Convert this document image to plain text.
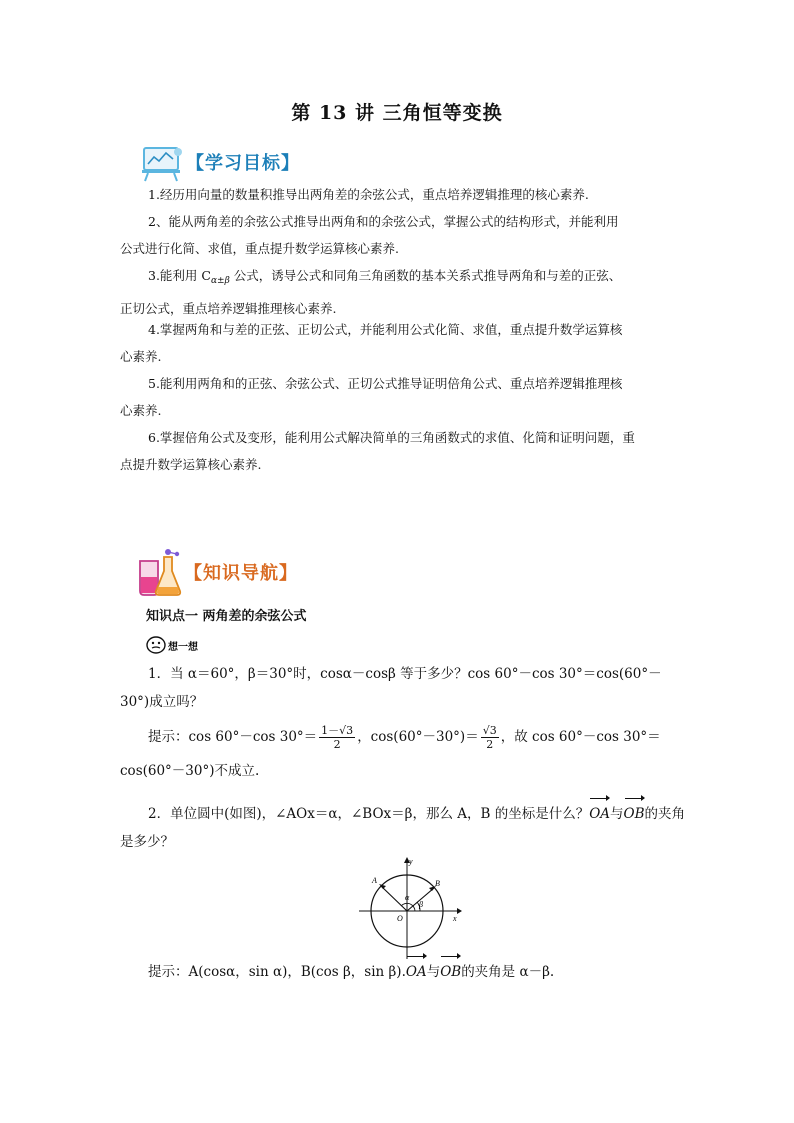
第 13 讲 三角恒等变换
【学习目标】
1.经历用向量的数量积推导出两角差的余弦公式，重点培养逻辑推理的核心素养.
2、能从两角差的余弦公式推导出两角和的余弦公式，掌握公式的结构形式，并能利用
公式进行化简、求值，重点提升数学运算核心素养.
3.能利用 $C_{\alpha\pm\beta}$ 公式，诱导公式和同角三角函数的基本关系式推导两角和与差的正弦、
正切公式，重点培养逻辑推理核心素养.
4.掌握两角和与差的正弦、正切公式，并能利用公式化简、求值，重点提升数学运算核
心素养.
5.能利用两角和的正弦、余弦公式、正切公式推导证明倍角公式、重点培养逻辑推理核
心素养.
6.掌握倍角公式及变形，能利用公式解决简单的三角函数式的求值、化简和证明问题，重
点提升数学运算核心素养.
【知识导航】
知识点一 两角差的余弦公式
想一想
1．当 α＝60°，β＝30°时，cosα－cosβ 等于多少？cos 60°－cos 30°＝cos(60°－
30°)成立吗？
提示：cos 60°－cos $30^\circ= \frac{1-√3}{2}$ ，$\cos(60^\circ-30^\circ)= \frac{√3}{2}$ ，故 cos 60°－cos 30°＝
cos(60°－30°)不成立.
2．单位圆中(如图)，∠AOx＝α，∠BOx＝β，那么 A，B 的坐标是什么？OA与OB的夹角
是多少？
y
x
O
A	B
α
β
提示：A(cosα，sin α)，B(cos β，sin β).OA与OB的夹角是 α－β.
